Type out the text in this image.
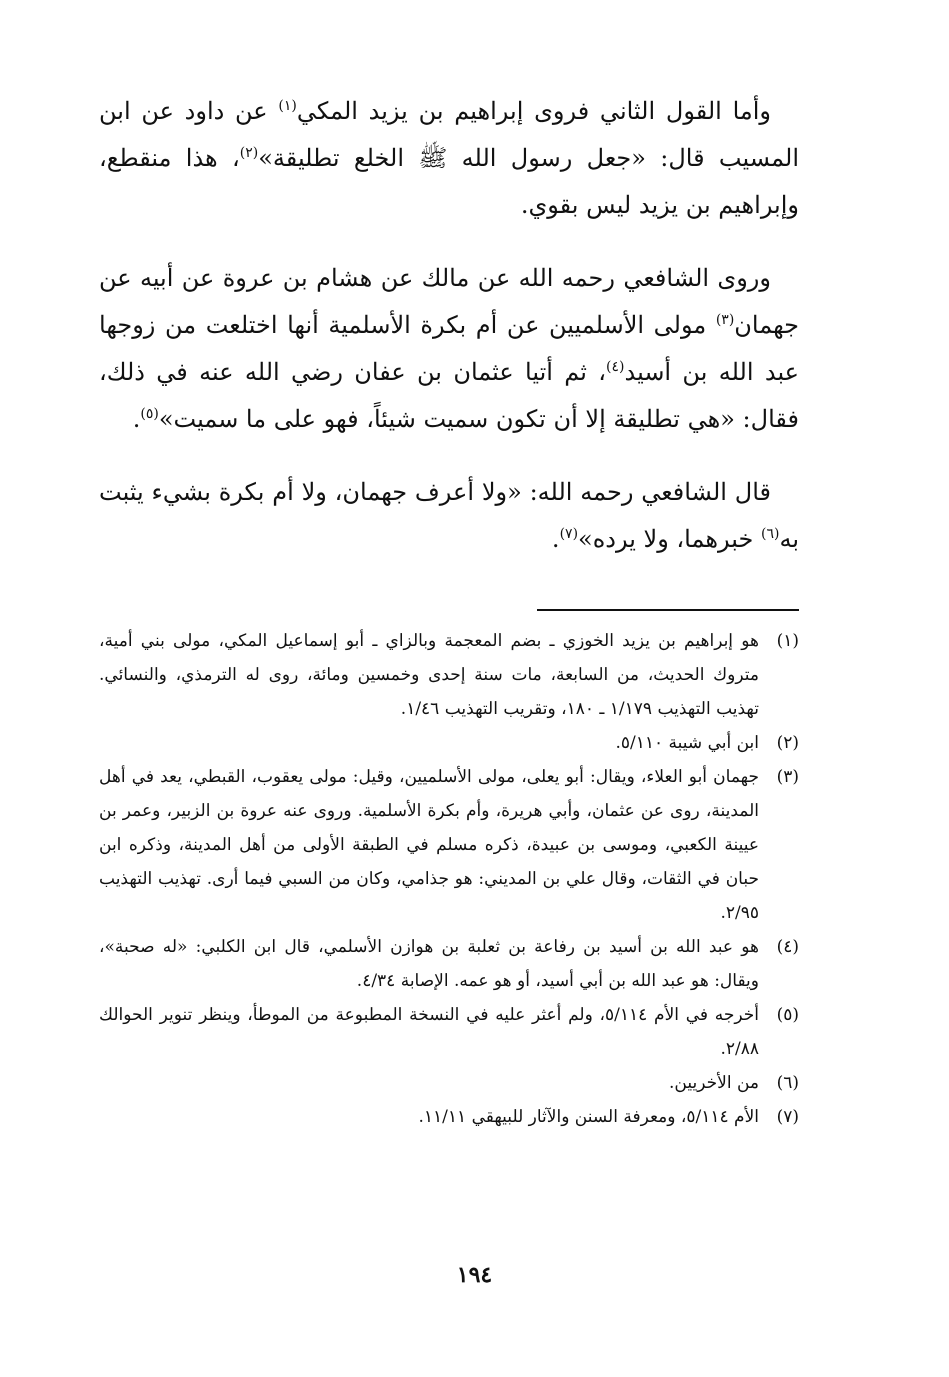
وأما القول الثاني فروى إبراهيم بن يزيد المكي$^{(١)}$ عن داود عن ابن المسيب قال: «جعل رسول الله ﷺ الخلع تطليقة»$^{(٢)}$، هذا منقطع، وإبراهيم بن يزيد ليس بقوي.

وروى الشافعي رحمه الله عن مالك عن هشام بن عروة عن أبيه عن جهمان$^{(٣)}$ مولى الأسلميين عن أم بكرة الأسلمية أنها اختلعت من زوجها عبد الله بن أسيد$^{(٤)}$، ثم أتيا عثمان بن عفان رضي الله عنه في ذلك، فقال: «هي تطليقة إلا أن تكون سميت شيئاً، فهو على ما سميت»$^{(٥)}$.

قال الشافعي رحمه الله: «ولا أعرف جهمان، ولا أم بكرة بشيء يثبت به$^{(٦)}$ خبرهما، ولا يرده»$^{(٧)}$.

(١)
هو إبراهيم بن يزيد الخوزي ـ بضم المعجمة وبالزاي ـ أبو إسماعيل المكي، مولى بني أمية، متروك الحديث، من السابعة، مات سنة إحدى وخمسين ومائة، روى له الترمذي، والنسائي. تهذيب التهذيب ١/١٧٩ ـ ١٨٠، وتقريب التهذيب ١/٤٦.
(٢)
ابن أبي شيبة ٥/١١٠.
(٣)
جهمان أبو العلاء، ويقال: أبو يعلى، مولى الأسلميين، وقيل: مولى يعقوب، القبطي، يعد في أهل المدينة، روى عن عثمان، وأبي هريرة، وأم بكرة الأسلمية. وروى عنه عروة بن الزبير، وعمر بن عيينة الكعبي، وموسى بن عبيدة، ذكره مسلم في الطبقة الأولى من أهل المدينة، وذكره ابن حبان في الثقات، وقال علي بن المديني: هو جذامي، وكان من السبي فيما أرى. تهذيب التهذيب ٢/٩٥.
(٤)
هو عبد الله بن أسيد بن رفاعة بن ثعلبة بن هوازن الأسلمي، قال ابن الكلبي: «له صحبة»، ويقال: هو عبد الله بن أبي أسيد، أو هو عمه. الإصابة ٤/٣٤.
(٥)
أخرجه في الأم ٥/١١٤، ولم أعثر عليه في النسخة المطبوعة من الموطأ، وينظر تنوير الحوالك ٢/٨٨.
(٦)
من الأخريين.
(٧)
الأم ٥/١١٤، ومعرفة السنن والآثار للبيهقي ١١/١١.
١٩٤
